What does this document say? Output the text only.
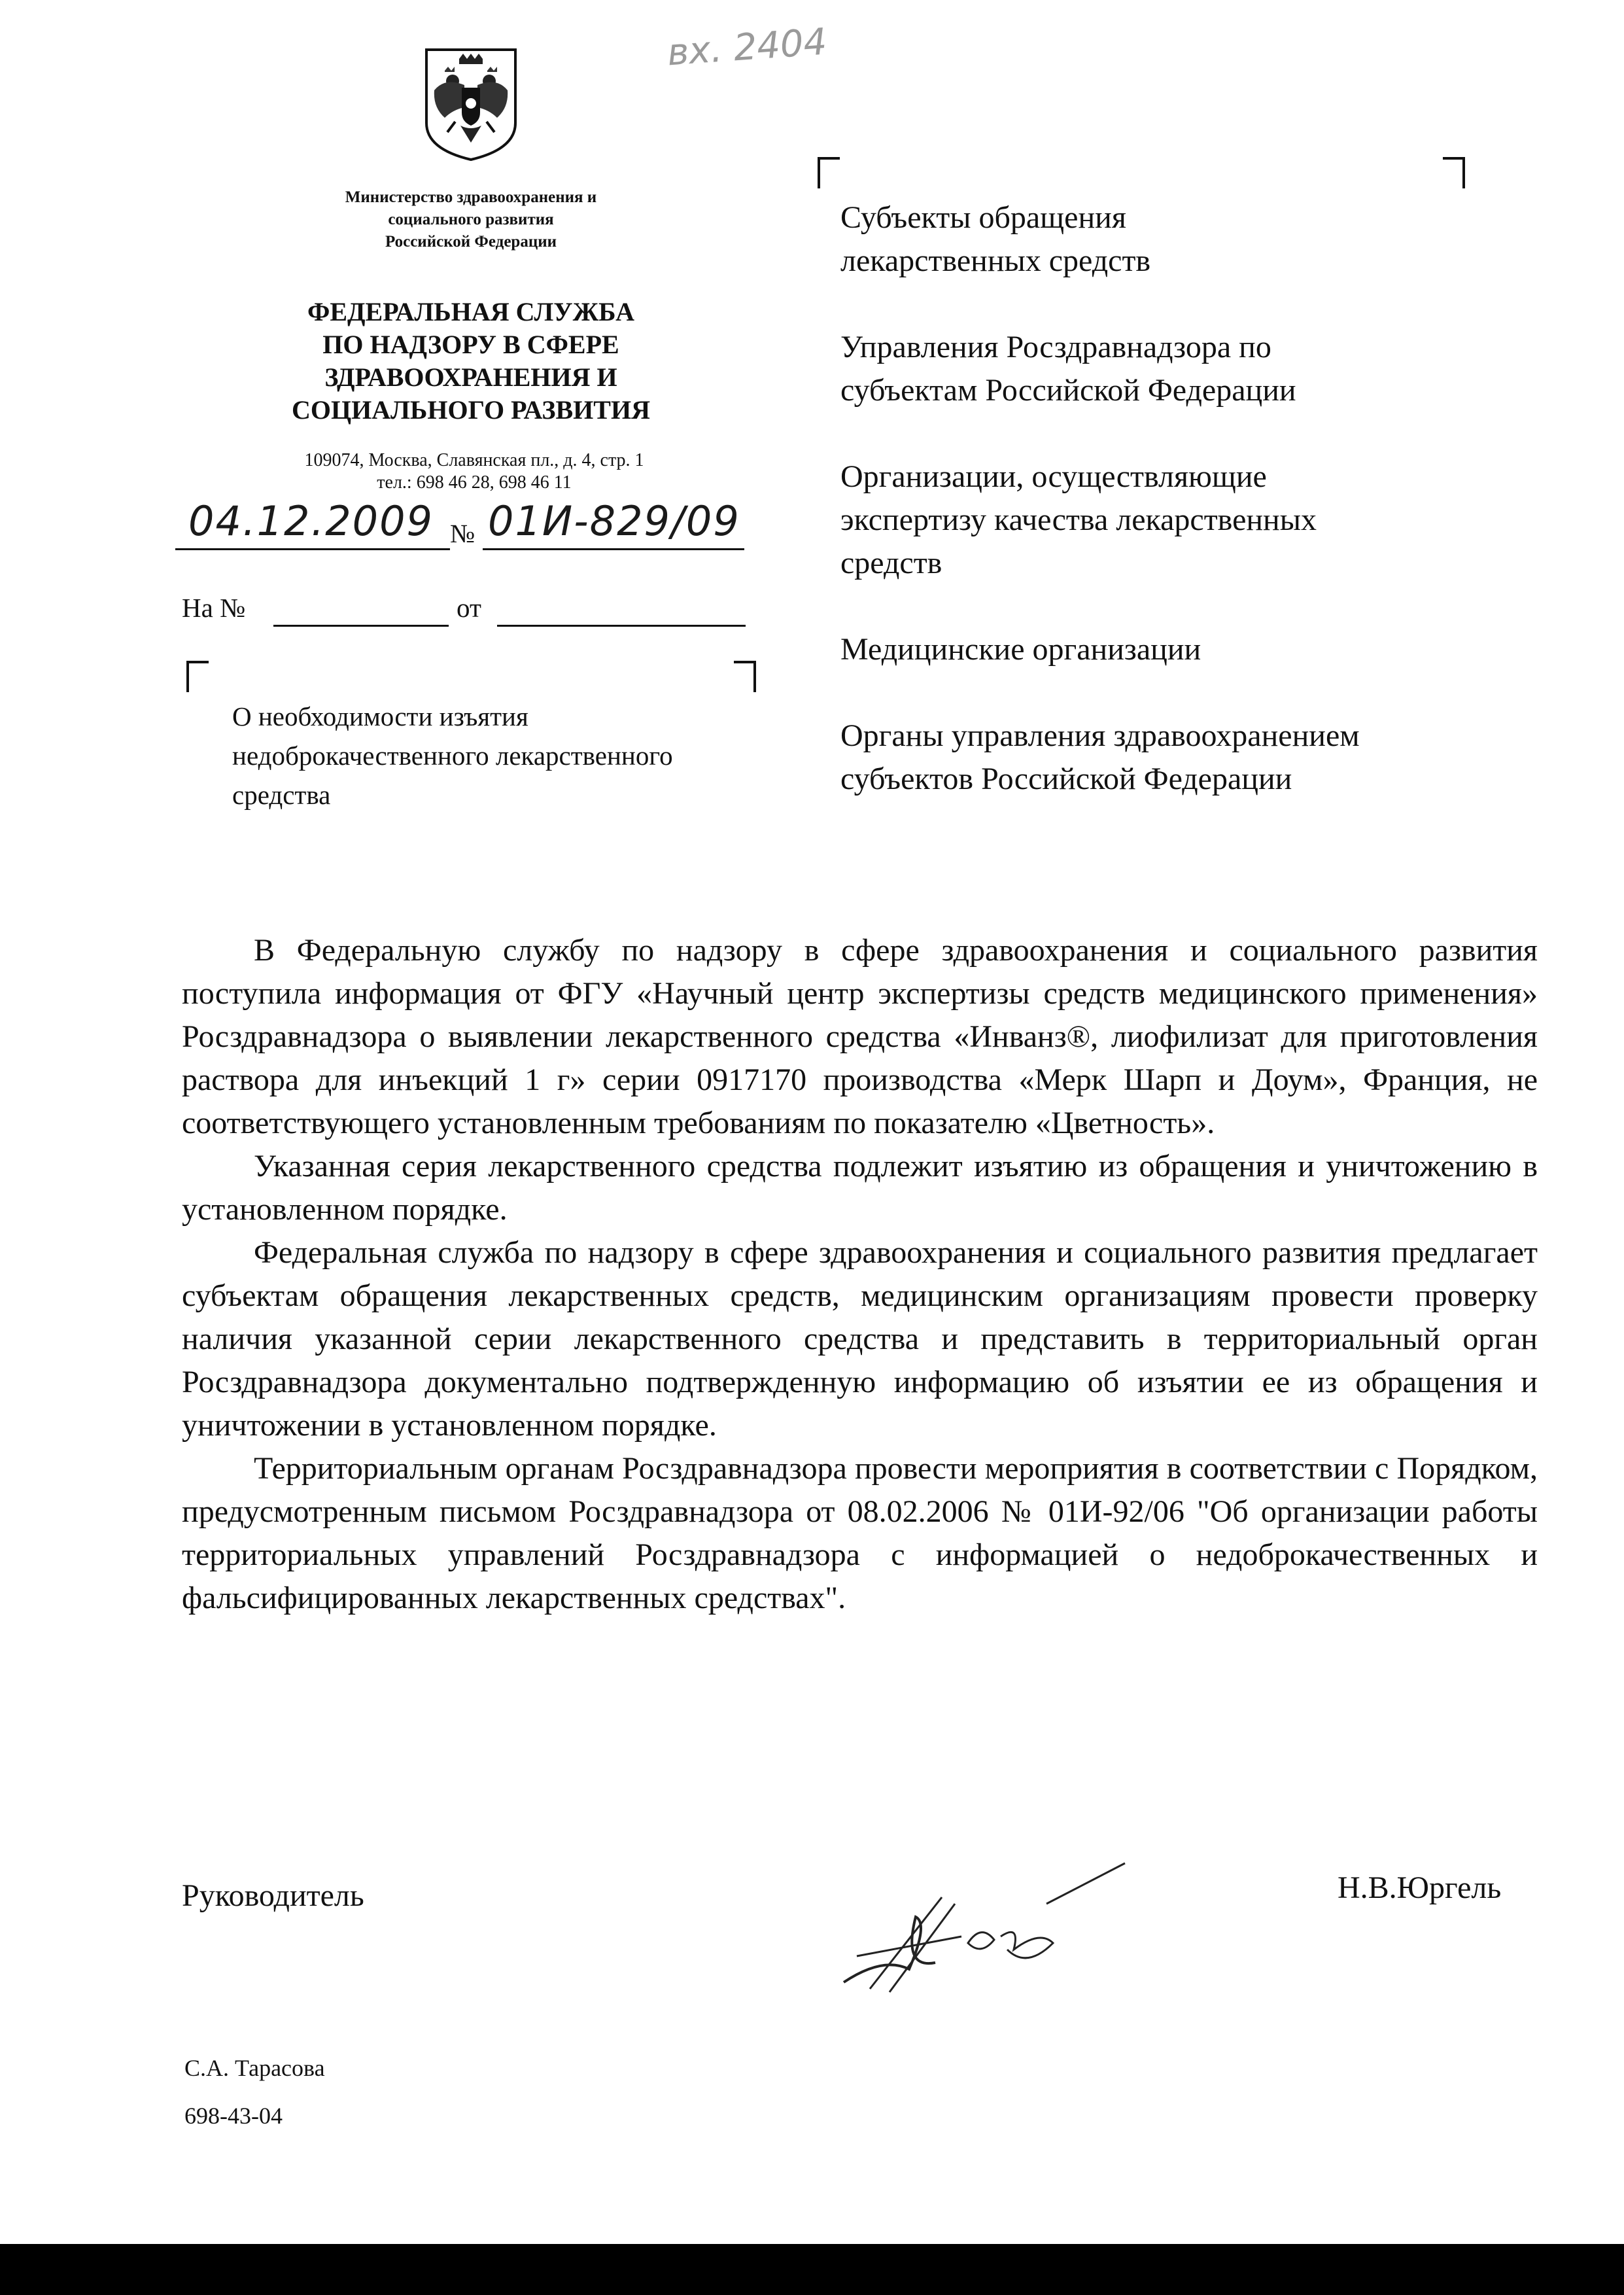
вх. 2404
Министерство здравоохранения и
социального развития
Российской Федерации
ФЕДЕРАЛЬНАЯ СЛУЖБА
ПО НАДЗОРУ В СФЕРЕ
ЗДРАВООХРАНЕНИЯ И
СОЦИАЛЬНОГО РАЗВИТИЯ
109074, Москва, Славянская пл., д. 4, стр. 1
тел.: 698 46 28, 698 46 11
04.12.2009 № 01И-829/09
На №	от
О необходимости изъятия
недоброкачественного лекарственного
средства
Субъекты обращения
лекарственных средств
Управления Росздравнадзора по
субъектам Российской Федерации
Организации, осуществляющие
экспертизу качества лекарственных
средств
Медицинские организации
Органы управления здравоохранением
субъектов Российской Федерации

В Федеральную службу по надзору в сфере здравоохранения и социального развития поступила информация от ФГУ «Научный центр экспертизы средств медицинского применения» Росздравнадзора о выявлении лекарственного средства «Инванз®, лиофилизат для приготовления раствора для инъекций 1 г» серии 0917170 производства «Мерк Шарп и Доум», Франция, не соответствующего установленным требованиям по показателю «Цветность».

Указанная серия лекарственного средства подлежит изъятию из обращения и уничтожению в установленном порядке.

Федеральная служба по надзору в сфере здравоохранения и социального развития предлагает субъектам обращения лекарственных средств, медицинским организациям провести проверку наличия указанной серии лекарственного средства и представить в территориальный орган Росздравнадзора документально подтвержденную информацию об изъятии ее из обращения и уничтожении в установленном порядке.

Территориальным органам Росздравнадзора провести мероприятия в соответствии с Порядком, предусмотренным письмом Росздравнадзора от 08.02.2006 № 01И-92/06 "Об организации работы территориальных управлений Росздравнадзора с информацией о недоброкачественных и фальсифицированных лекарственных средствах".

Руководитель	Н.В.Юргель
С.А. Тарасова
698-43-04
